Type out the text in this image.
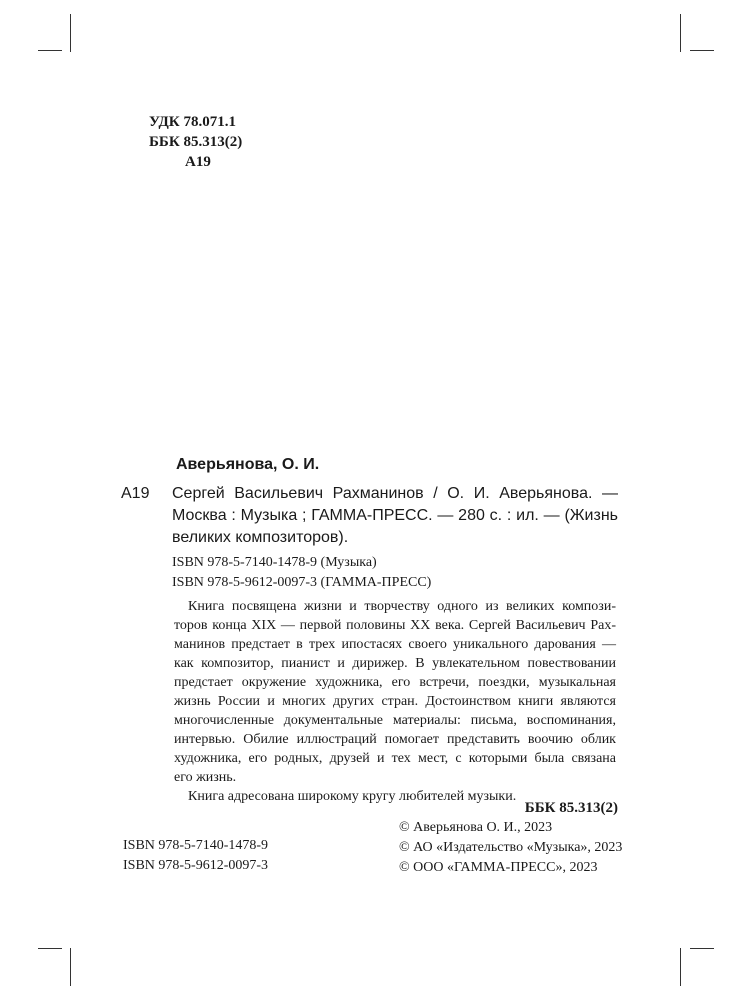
УДК 78.071.1
ББК 85.313(2)
А19
Аверьянова, О. И.
А19 Сергей Васильевич Рахманинов / О. И. Аверьянова. —
Москва : Музыка ; ГАММА-ПРЕСС. — 280 с. : ил. — (Жизнь
великих композиторов).
ISBN 978-5-7140-1478-9 (Музыка)
ISBN 978-5-9612-0097-3 (ГАММА-ПРЕСС)
Книга посвящена жизни и творчеству одного из великих компози-
торов конца XIX — первой половины XX века. Сергей Васильевич Рах-
манинов предстает в трех ипостасях своего уникального дарования —
как композитор, пианист и дирижер. В увлекательном повествовании
предстает окружение художника, его встречи, поездки, музыкальная
жизнь России и многих других стран. Достоинством книги являются
многочисленные документальные материалы: письма, воспоминания,
интервью. Обилие иллюстраций помогает представить воочию облик
художника, его родных, друзей и тех мест, с которыми была связана
его жизнь.
Книга адресована широкому кругу любителей музыки.
ББК 85.313(2)
ISBN 978-5-7140-1478-9
ISBN 978-5-9612-0097-3
© Аверьянова О. И., 2023
© АО «Издательство «Музыка», 2023
© ООО «ГАММА-ПРЕСС», 2023
